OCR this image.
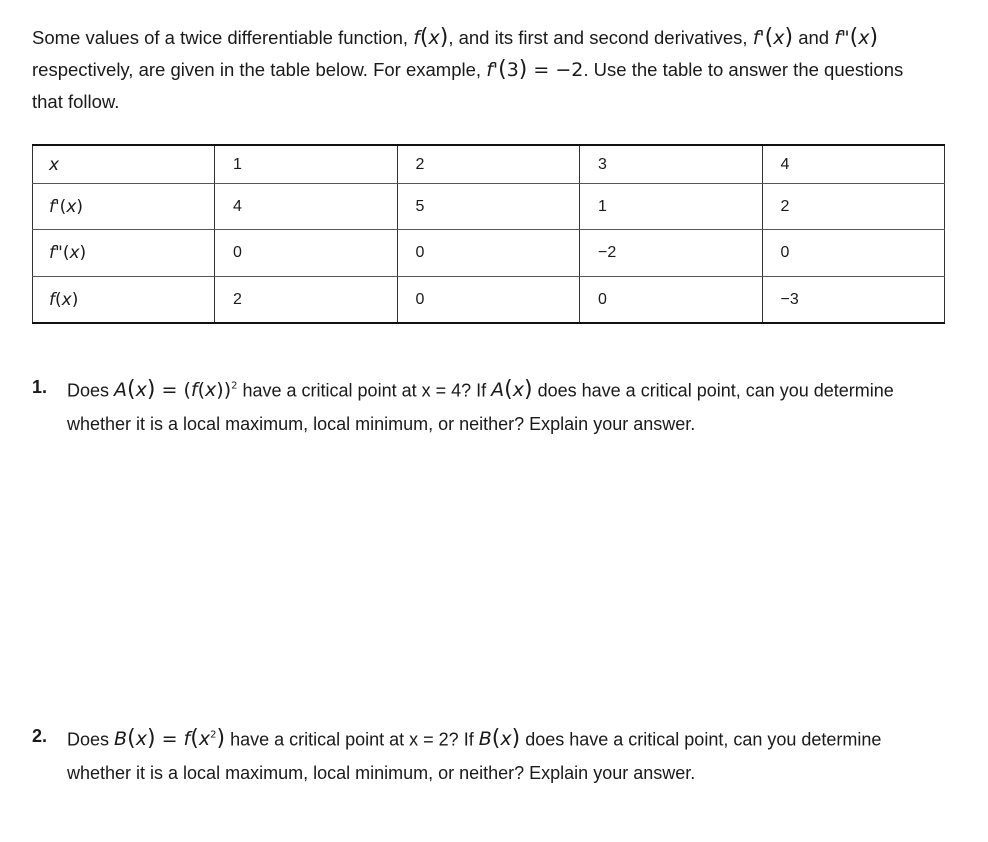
Some values of a twice differentiable function, f(x), and its first and second derivatives, f'(x) and f"(x) respectively, are given in the table below. For example, f'(3) = −2. Use the table to answer the questions that follow.
x	1	2	3	4
f'(x)	4	5	1	2
f"(x)	0	0	−2	0
f(x)	2	0	0	−3
1. Does $A(x) = (f(x))^2$ have a critical point at x = 4? If A(x) does have a critical point, can you determine whether it is a local maximum, local minimum, or neither? Explain your answer.
2. Does $B(x) = f(x^2)$ have a critical point at x = 2? If B(x) does have a critical point, can you determine whether it is a local maximum, local minimum, or neither? Explain your answer.
